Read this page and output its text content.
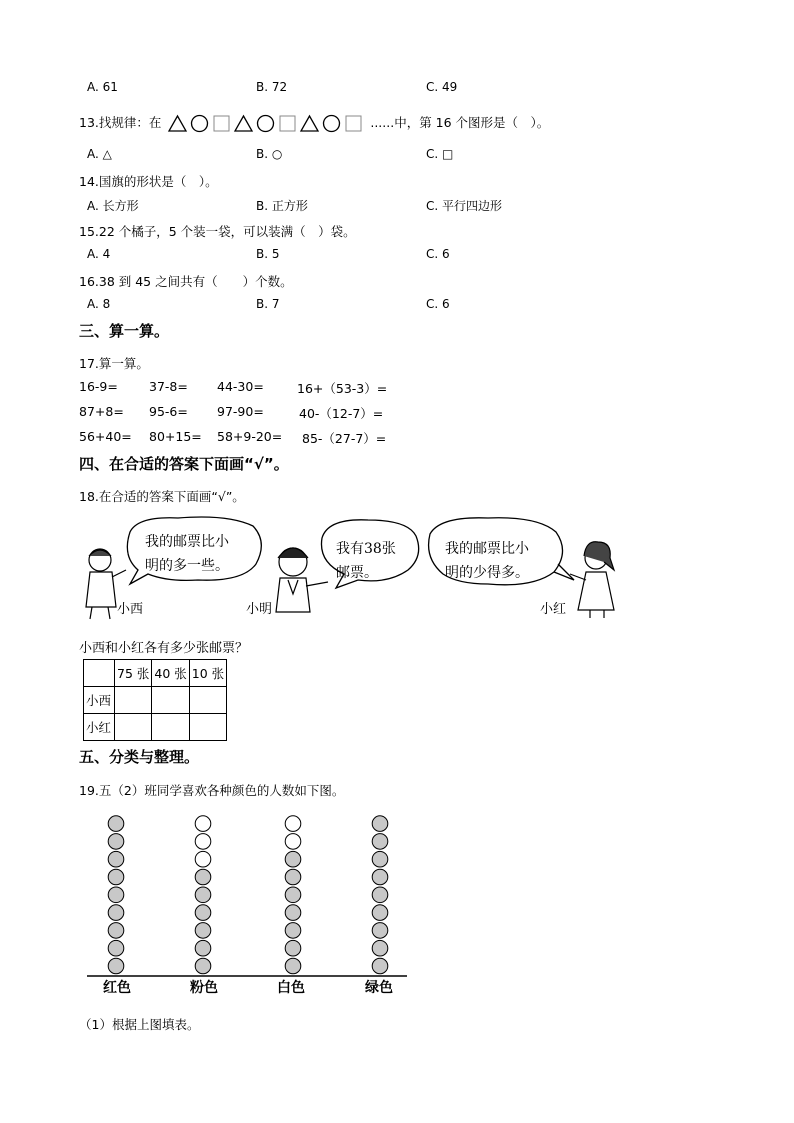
A. 61	B. 72	C. 49
13.找规律：在	......中，第 16 个图形是（　）。
A. △	B. ○	C. □
14.国旗的形状是（　）。
A. 长方形	B. 正方形	C. 平行四边形
15.22 个橘子，5 个装一袋，可以装满（　）袋。
A. 4	B. 5	C. 6
16.38 到 45 之间共有（　　）个数。
A. 8	B. 7	C. 6
三、算一算。
17.算一算。
16-9= 37-8= 44-30=	16+（53-3）=
87+8= 95-6= 97-90=	40-（12-7）=
56+40= 80+15= 58+9-20= 85-（27-7）=
四、在合适的答案下面画“√”。
18.在合适的答案下面画“√”。
我的邮票比小
明的多一些。
我有38张
邮票。
我的邮票比小
明的少得多。
小西	小明	小红
小西和小红各有多少张邮票？
	75 张	40 张	10 张
小西			
小红			
五、分类与整理。
19.五（2）班同学喜欢各种颜色的人数如下图。
红色	粉色	白色	绿色
（1）根据上图填表。
